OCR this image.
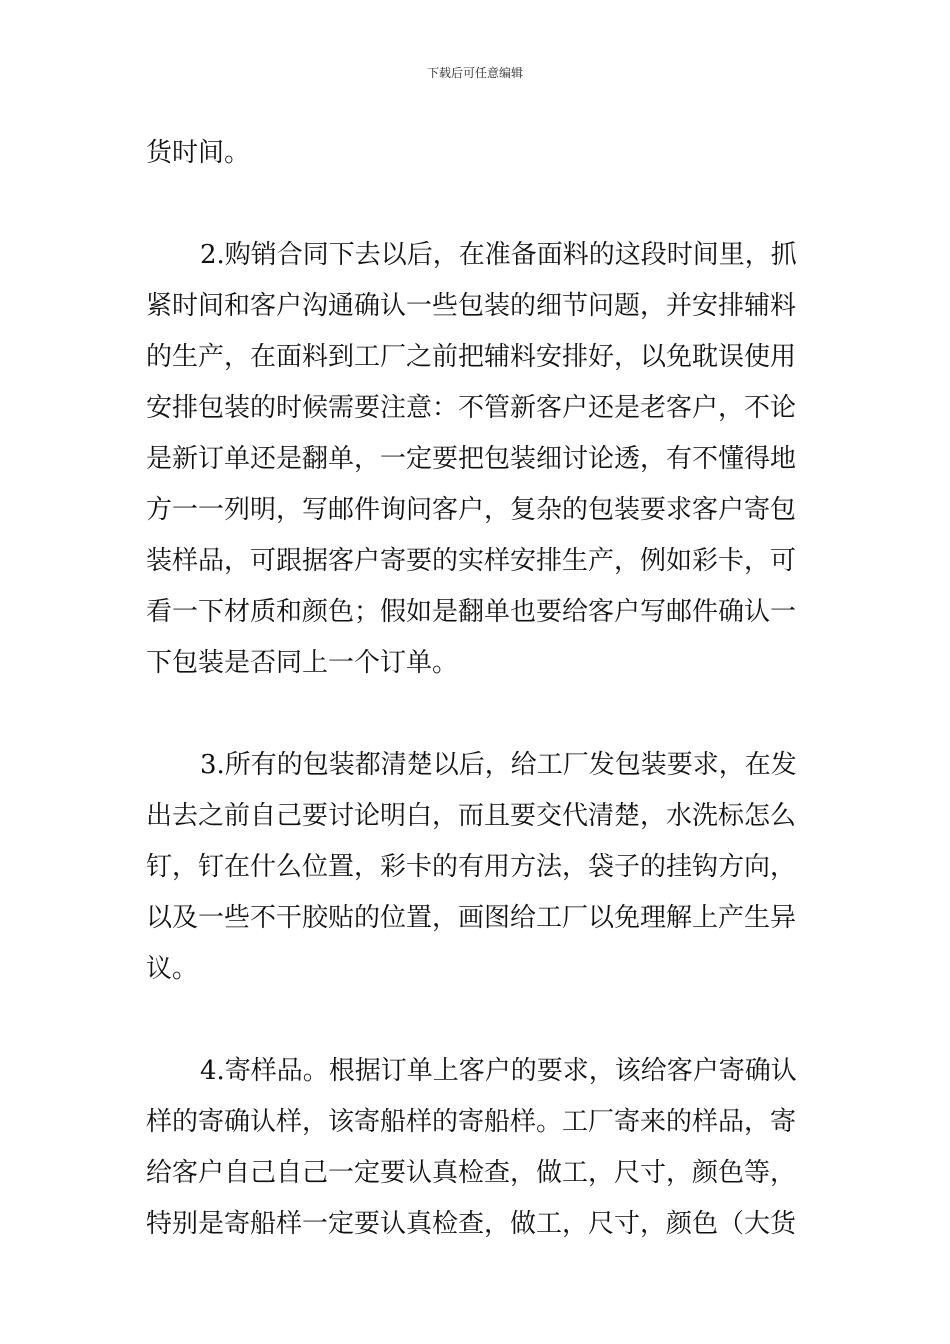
下载后可任意编辑
货时间。
2.购销合同下去以后，在准备面料的这段时间里，抓
紧时间和客户沟通确认一些包装的细节问题，并安排辅料
的生产，在面料到工厂之前把辅料安排好，以免耽误使用
安排包装的时候需要注意：不管新客户还是老客户，不论
是新订单还是翻单，一定要把包装细讨论透，有不懂得地
方一一列明，写邮件询问客户，复杂的包装要求客户寄包
装样品，可跟据客户寄要的实样安排生产，例如彩卡，可
看一下材质和颜色；假如是翻单也要给客户写邮件确认一
下包装是否同上一个订单。
3.所有的包装都清楚以后，给工厂发包装要求，在发
出去之前自己要讨论明白，而且要交代清楚，水洗标怎么
钉，钉在什么位置，彩卡的有用方法，袋子的挂钩方向，
以及一些不干胶贴的位置，画图给工厂以免理解上产生异
议。
4.寄样品。根据订单上客户的要求，该给客户寄确认
样的寄确认样，该寄船样的寄船样。工厂寄来的样品，寄
给客户自己自己一定要认真检查，做工，尺寸，颜色等，
特别是寄船样一定要认真检查，做工，尺寸，颜色（大货
